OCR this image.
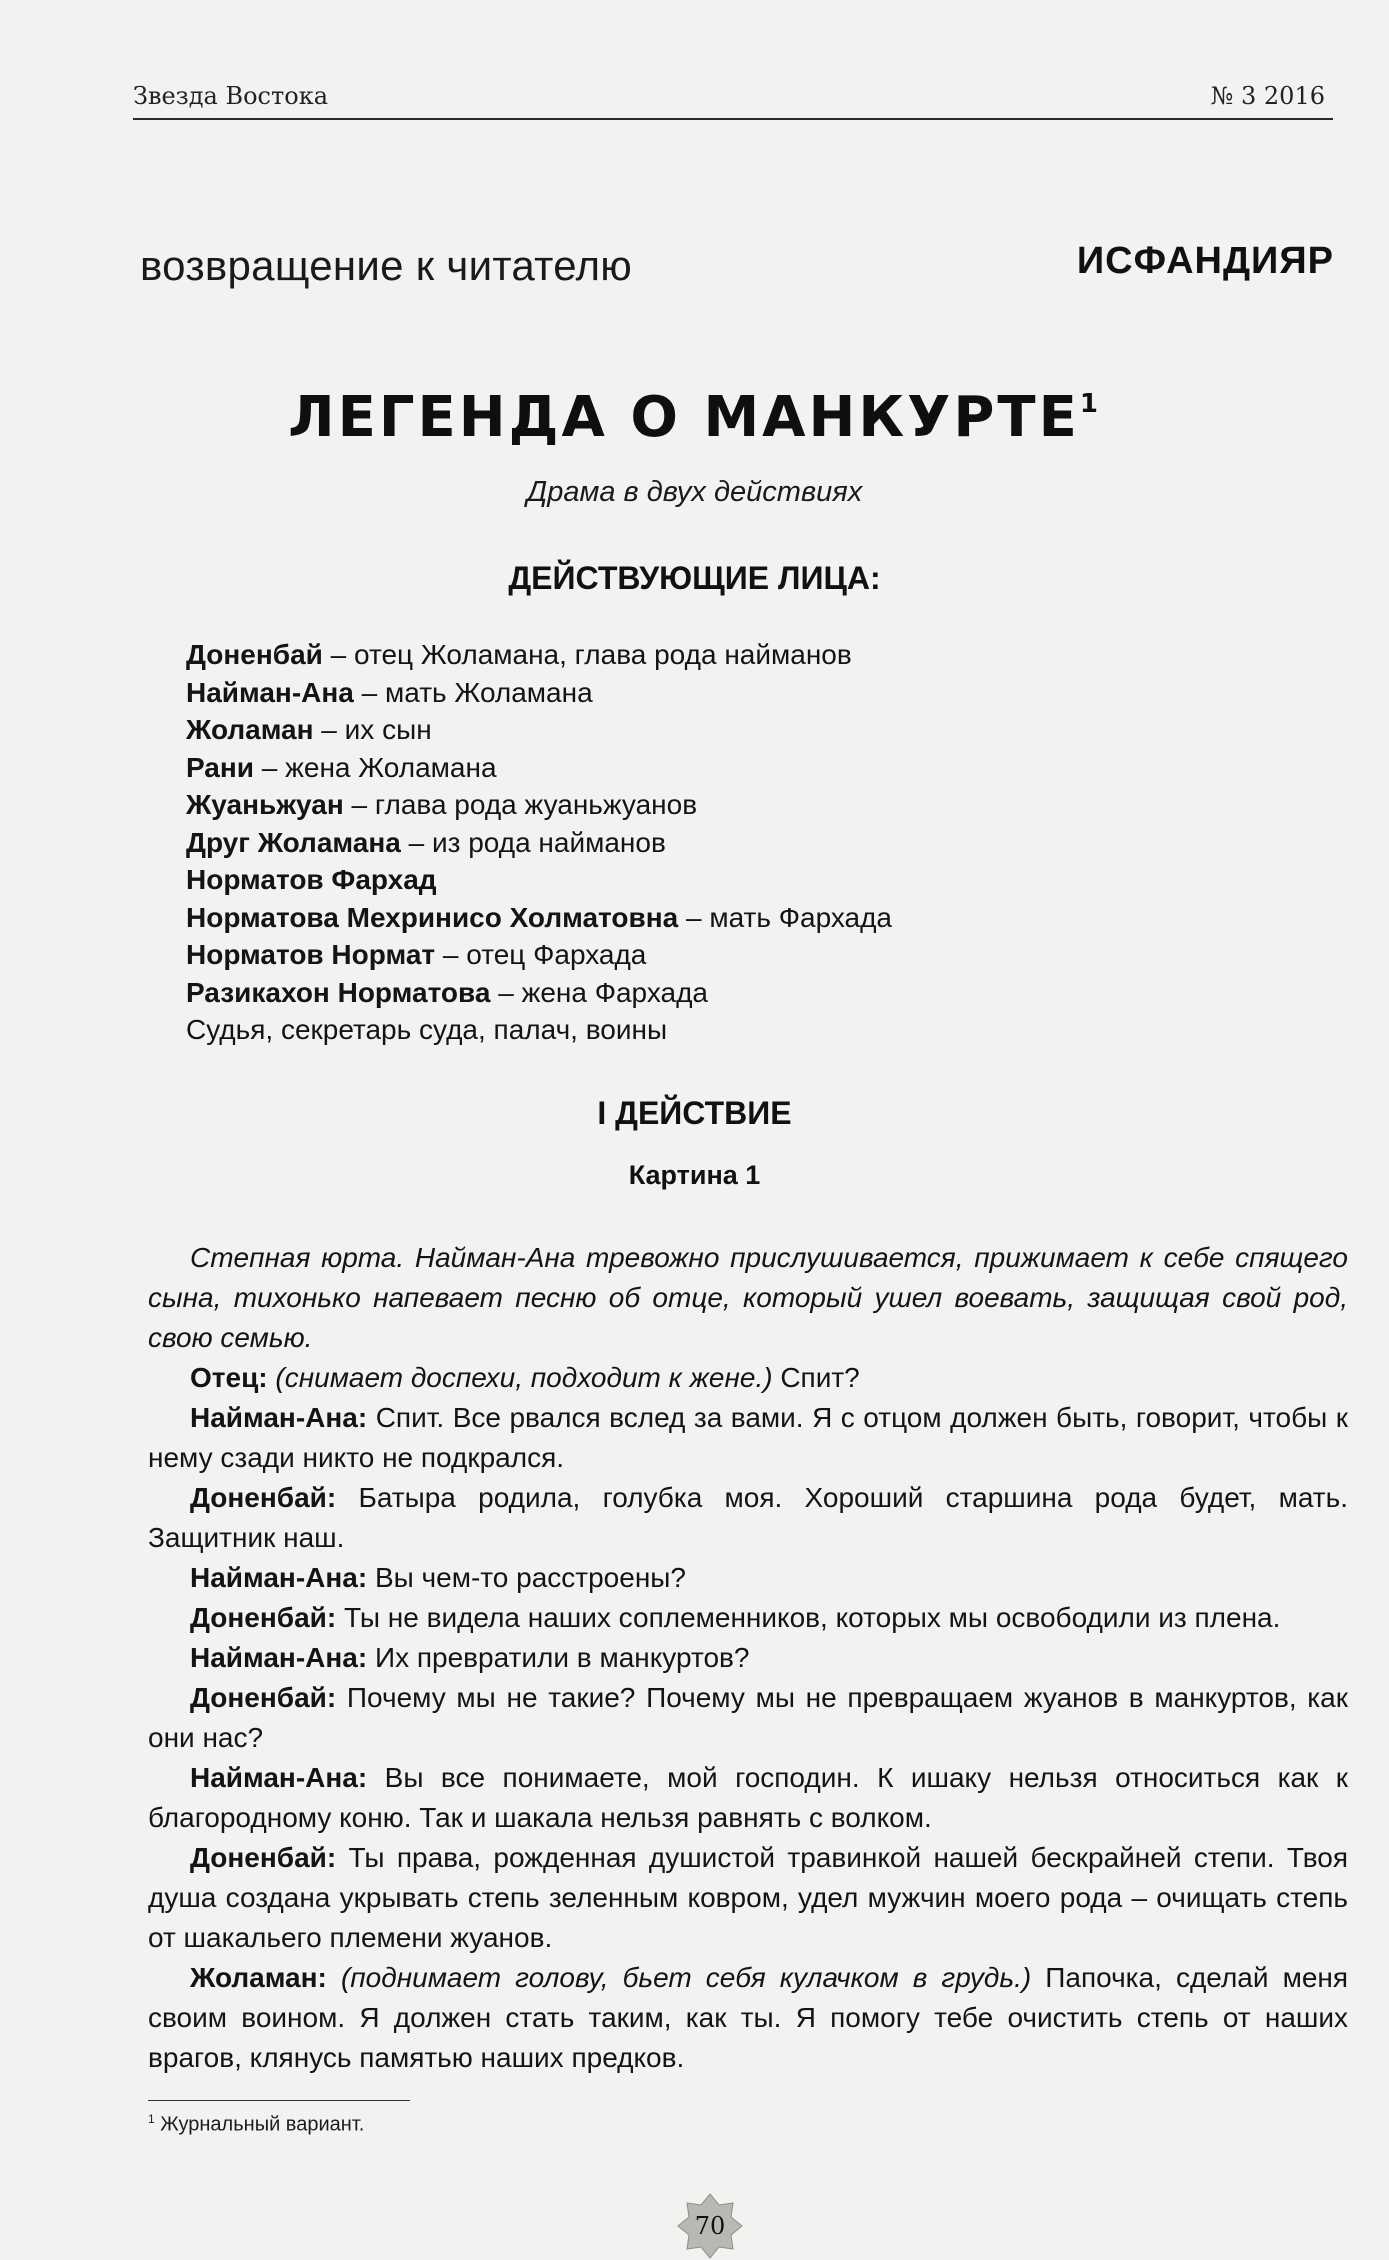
Звезда Востока	№ 3 2016
возвращение к читателю	ИСФАНДИЯР
ЛЕГЕНДА О МАНКУРТЕ$^1$
Драма в двух действиях
ДЕЙСТВУЮЩИЕ ЛИЦА:
Доненбай – отец Жоламана, глава рода найманов
Найман-Ана – мать Жоламана
Жоламан – их сын
Рани – жена Жоламана
Жуаньжуан – глава рода жуаньжуанов
Друг Жоламана – из рода найманов
Норматов Фархад
Норматова Мехринисо Холматовна – мать Фархада
Норматов Нормат – отец Фархада
Разикахон Норматова – жена Фархада
Судья, секретарь суда, палач, воины
I ДЕЙСТВИЕ
Картина 1

Степная юрта. Найман-Ана тревожно прислушивается, прижимает к себе спящего сына, тихонько напевает песню об отце, который ушел воевать, защищая свой род, свою семью.

Отец: (снимает доспехи, подходит к жене.) Спит?

Найман-Ана: Спит. Все рвался вслед за вами. Я с отцом должен быть, говорит, чтобы к нему сзади никто не подкрался.

Доненбай: Батыра родила, голубка моя. Хороший старшина рода будет, мать. Защитник наш.

Найман-Ана: Вы чем-то расстроены?

Доненбай: Ты не видела наших соплеменников, которых мы освободили из плена.

Найман-Ана: Их превратили в манкуртов?

Доненбай: Почему мы не такие? Почему мы не превращаем жуанов в манкуртов, как они нас?

Найман-Ана: Вы все понимаете, мой господин. К ишаку нельзя относиться как к благородному коню. Так и шакала нельзя равнять с волком.

Доненбай: Ты права, рожденная душистой травинкой нашей бескрайней степи. Твоя душа создана укрывать степь зеленным ковром, удел мужчин моего рода – очищать степь от шакальего племени жуанов.

Жоламан: (поднимает голову, бьет себя кулачком в грудь.) Папочка, сделай меня своим воином. Я должен стать таким, как ты. Я помогу тебе очистить степь от наших врагов, клянусь памятью наших предков.

$^1$ Журнальный вариант.
70
